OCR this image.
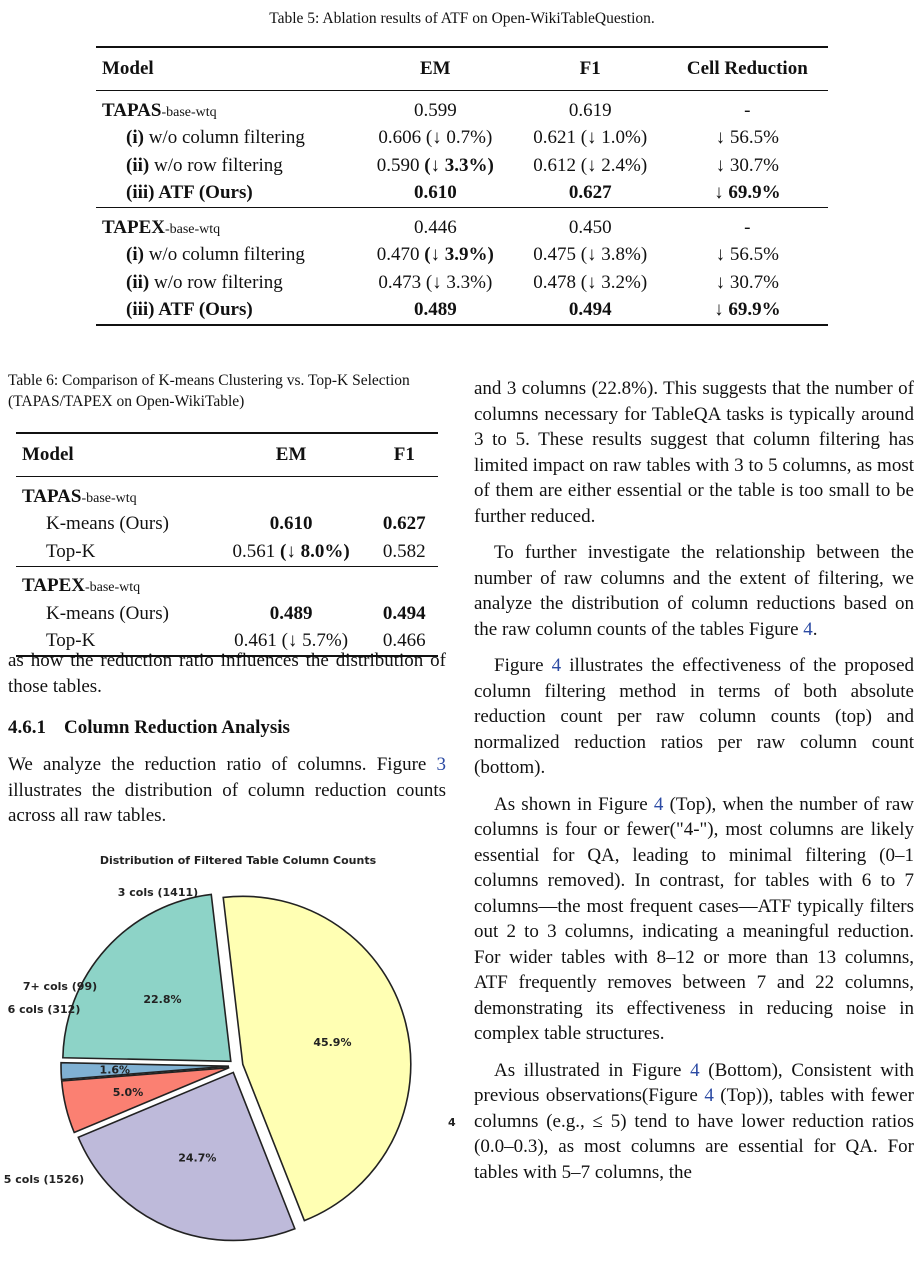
Table 5: Ablation results of ATF on Open-WikiTableQuestion.
Model	EM	F1	Cell Reduction
TAPAS-base-wtq	0.599	0.619	-
(i) w/o column filtering	0.606 (↓ 0.7%)	0.621 (↓ 1.0%)	↓ 56.5%
(ii) w/o row filtering	0.590 (↓ 3.3%)	0.612 (↓ 2.4%)	↓ 30.7%
(iii) ATF (Ours)	0.610	0.627	↓ 69.9%
TAPEX-base-wtq	0.446	0.450	-
(i) w/o column filtering	0.470 (↓ 3.9%)	0.475 (↓ 3.8%)	↓ 56.5%
(ii) w/o row filtering	0.473 (↓ 3.3%)	0.478 (↓ 3.2%)	↓ 30.7%
(iii) ATF (Ours)	0.489	0.494	↓ 69.9%
Table 6: Comparison of K-means Clustering vs. Top-K Selection (TAPAS/TAPEX on Open-WikiTable)
Model	EM	F1
TAPAS-base-wtq		
K-means (Ours)	0.610	0.627
Top-K	0.561 (↓ 8.0%)	0.582
TAPEX-base-wtq		
K-means (Ours)	0.489	0.494
Top-K	0.461 (↓ 5.7%)	0.466
as how the reduction ratio influences the distribution of those tables.
4.6.1 Column Reduction Analysis
We analyze the reduction ratio of columns. Figure 3 illustrates the distribution of column reduction counts across all raw tables.
Distribution of Filtered Table Column Counts
45.9%
4
22.8%
3 cols (1411)
1.6%
7+ cols (99)
5.0%
6 cols (312)
24.7%
5 cols (1526)

and 3 columns (22.8%). This suggests that the number of columns necessary for TableQA tasks is typically around 3 to 5. These results suggest that column filtering has limited impact on raw tables with 3 to 5 columns, as most of them are either essential or the table is too small to be further reduced.

To further investigate the relationship between the number of raw columns and the extent of filtering, we analyze the distribution of column reductions based on the raw column counts of the tables Figure 4.

Figure 4 illustrates the effectiveness of the proposed column filtering method in terms of both absolute reduction count per raw column counts (top) and normalized reduction ratios per raw column count (bottom).

As shown in Figure 4 (Top), when the number of raw columns is four or fewer("4-"), most columns are likely essential for QA, leading to minimal filtering (0–1 columns removed). In contrast, for tables with 6 to 7 columns—the most frequent cases—ATF typically filters out 2 to 3 columns, indicating a meaningful reduction. For wider tables with 8–12 or more than 13 columns, ATF frequently removes between 7 and 22 columns, demonstrating its effectiveness in reducing noise in complex table structures.

As illustrated in Figure 4 (Bottom), Consistent with previous observations(Figure 4 (Top)), tables with fewer columns (e.g., ≤ 5) tend to have lower reduction ratios (0.0–0.3), as most columns are essential for QA. For tables with 5–7 columns, the
